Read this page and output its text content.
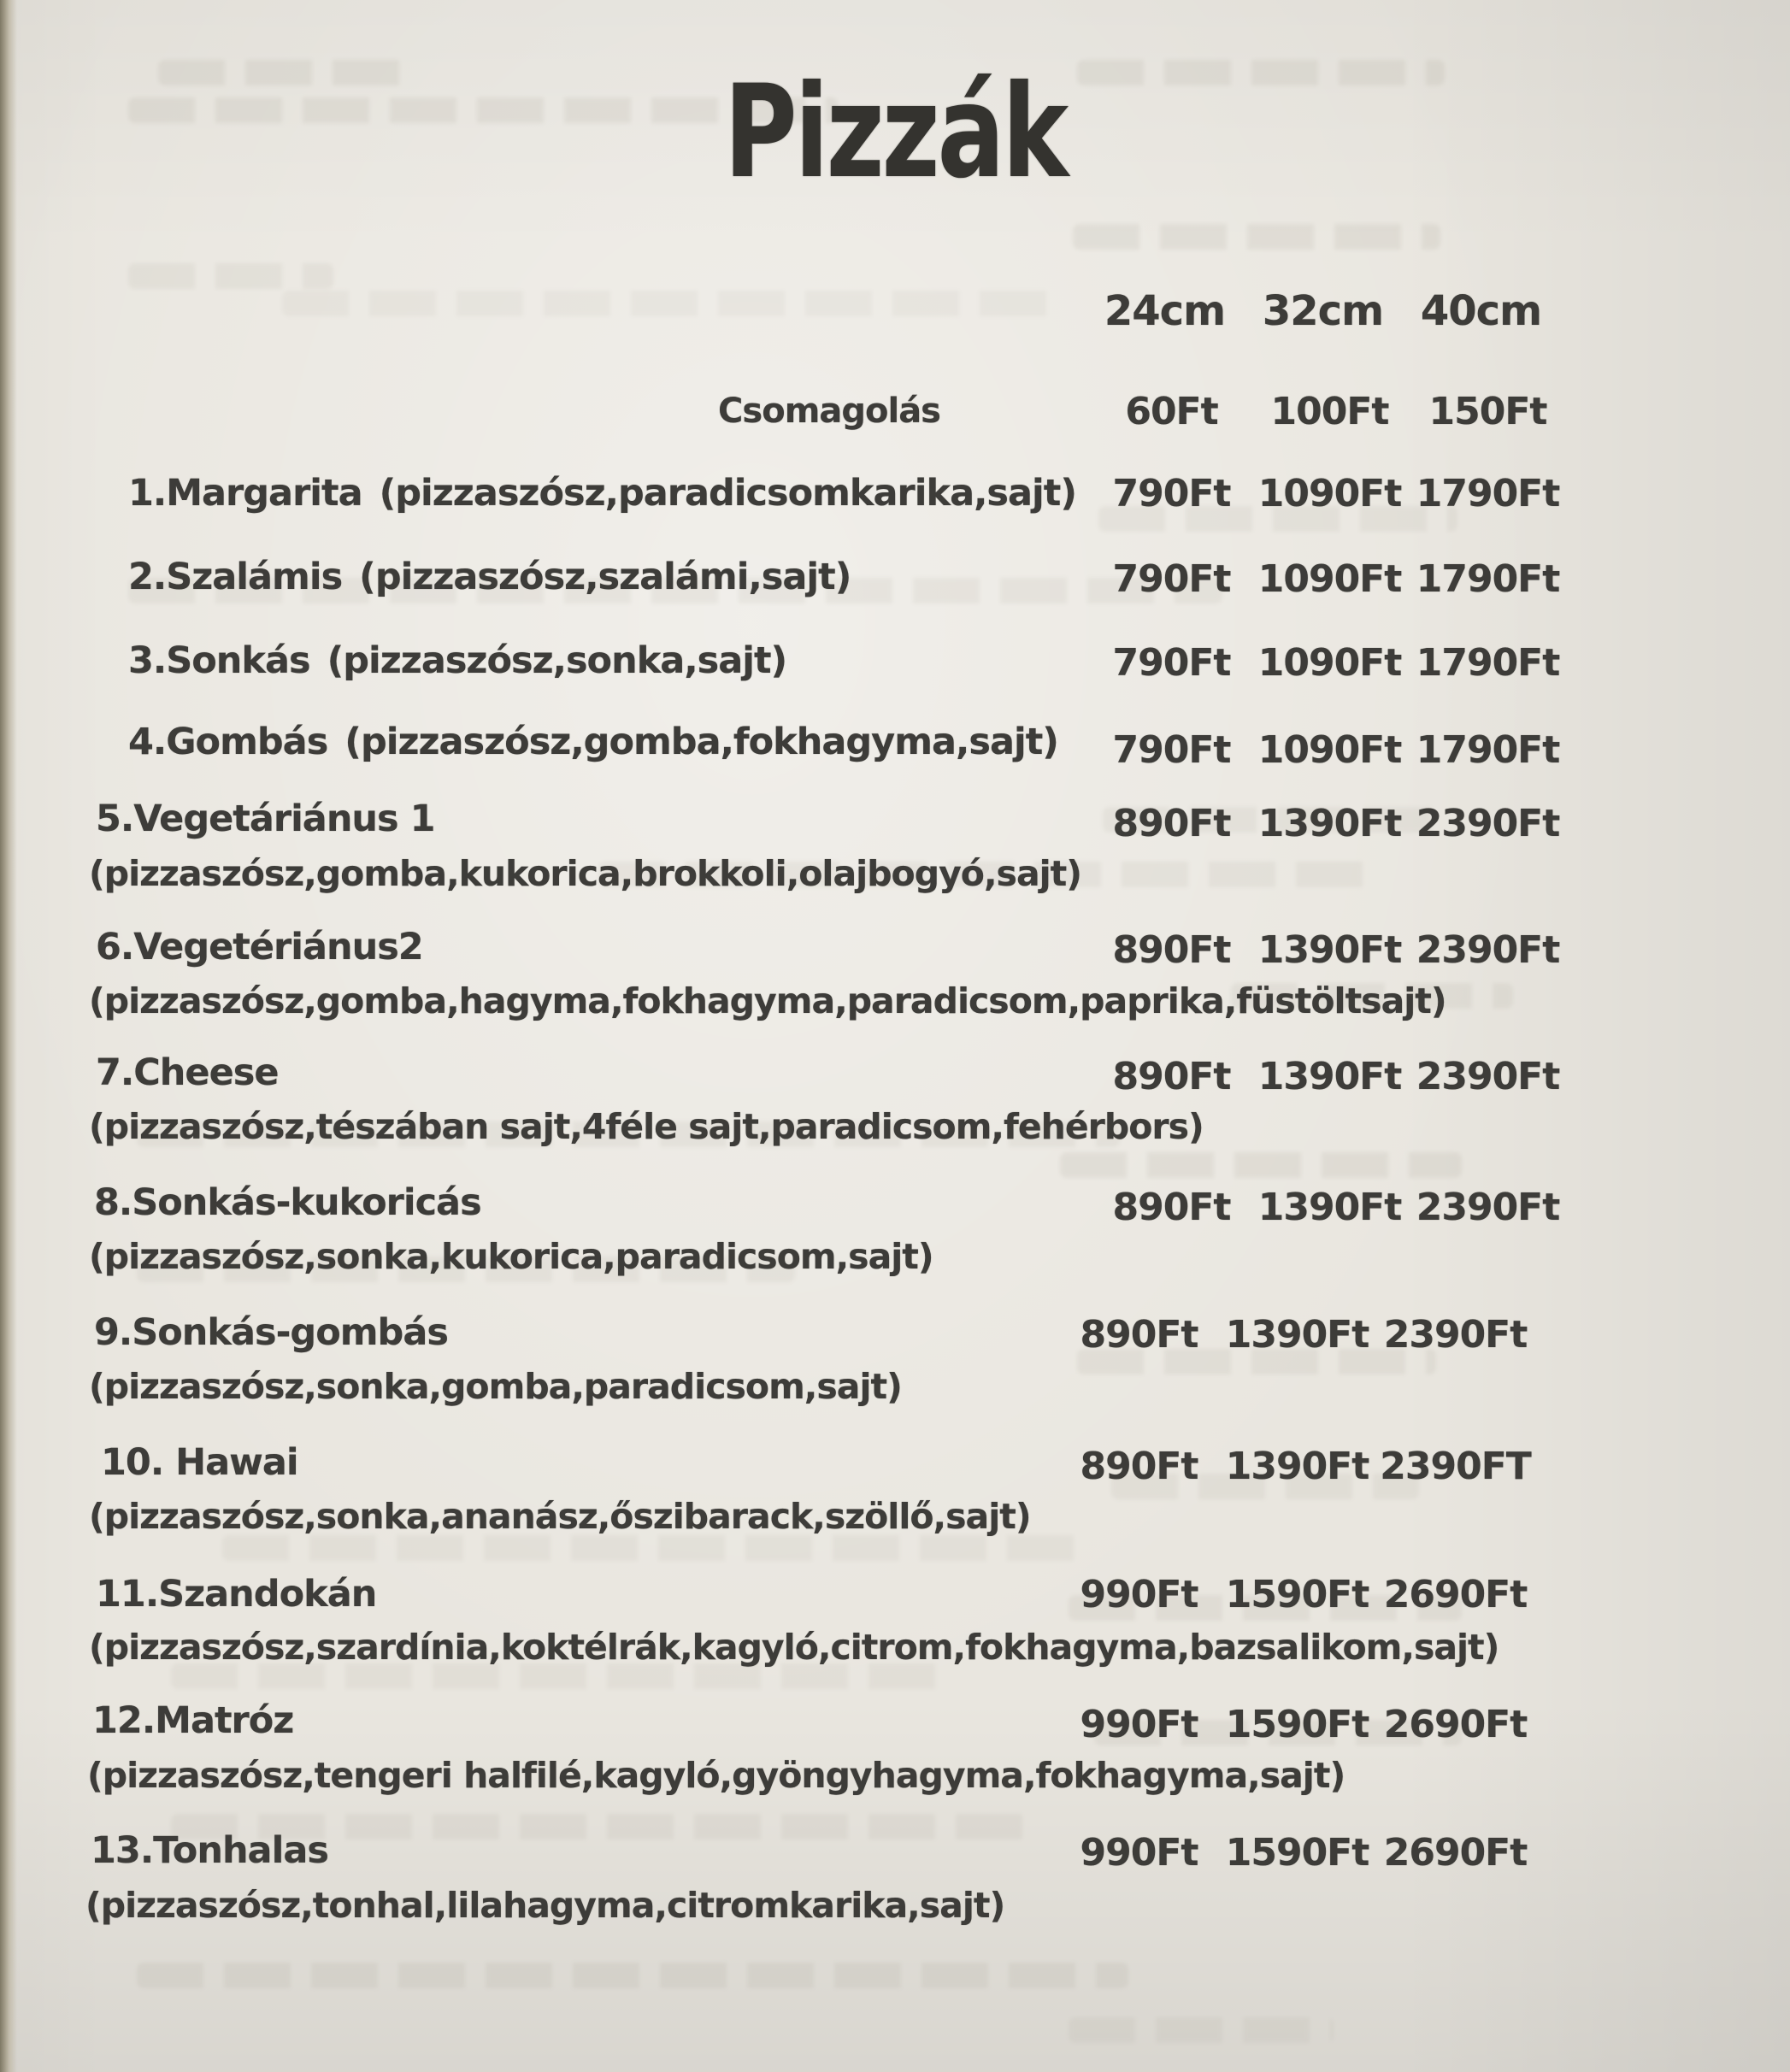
Pizzák
24cm 32cm 40cm
Csomagolás	60Ft	100Ft	150Ft
1.Margarita (pizzaszósz,paradicsomkarika,sajt) 790Ft 1090Ft 1790Ft
2.Szalámis (pizzaszósz,szalámi,sajt)	790Ft 1090Ft 1790Ft
3.Sonkás (pizzaszósz,sonka,sajt)	790Ft 1090Ft 1790Ft
4.Gombás (pizzaszósz,gomba,fokhagyma,sajt)	790Ft 1090Ft 1790Ft
5.Vegetáriánus 1
(pizzaszósz,gomba,kukorica,brokkoli,olajbogyó,sajt)
890Ft 1390Ft 2390Ft
6.Vegetériánus2
(pizzaszósz,gomba,hagyma,fokhagyma,paradicsom,paprika,füstöltsajt)
890Ft 1390Ft 2390Ft
7.Cheese
(pizzaszósz,tészában sajt,4féle sajt,paradicsom,fehérbors)
890Ft 1390Ft 2390Ft
8.Sonkás-kukoricás
(pizzaszósz,sonka,kukorica,paradicsom,sajt)
890Ft 1390Ft 2390Ft
9.Sonkás-gombás
(pizzaszósz,sonka,gomba,paradicsom,sajt)
890Ft 1390Ft 2390Ft
10. Hawai
(pizzaszósz,sonka,ananász,őszibarack,szöllő,sajt)
890Ft 1390Ft 2390FT
11.Szandokán
(pizzaszósz,szardínia,koktélrák,kagyló,citrom,fokhagyma,bazsalikom,sajt)
990Ft 1590Ft 2690Ft
12.Matróz
(pizzaszósz,tengeri halfilé,kagyló,gyöngyhagyma,fokhagyma,sajt)
990Ft 1590Ft 2690Ft
13.Tonhalas
(pizzaszósz,tonhal,lilahagyma,citromkarika,sajt)
990Ft 1590Ft 2690Ft
